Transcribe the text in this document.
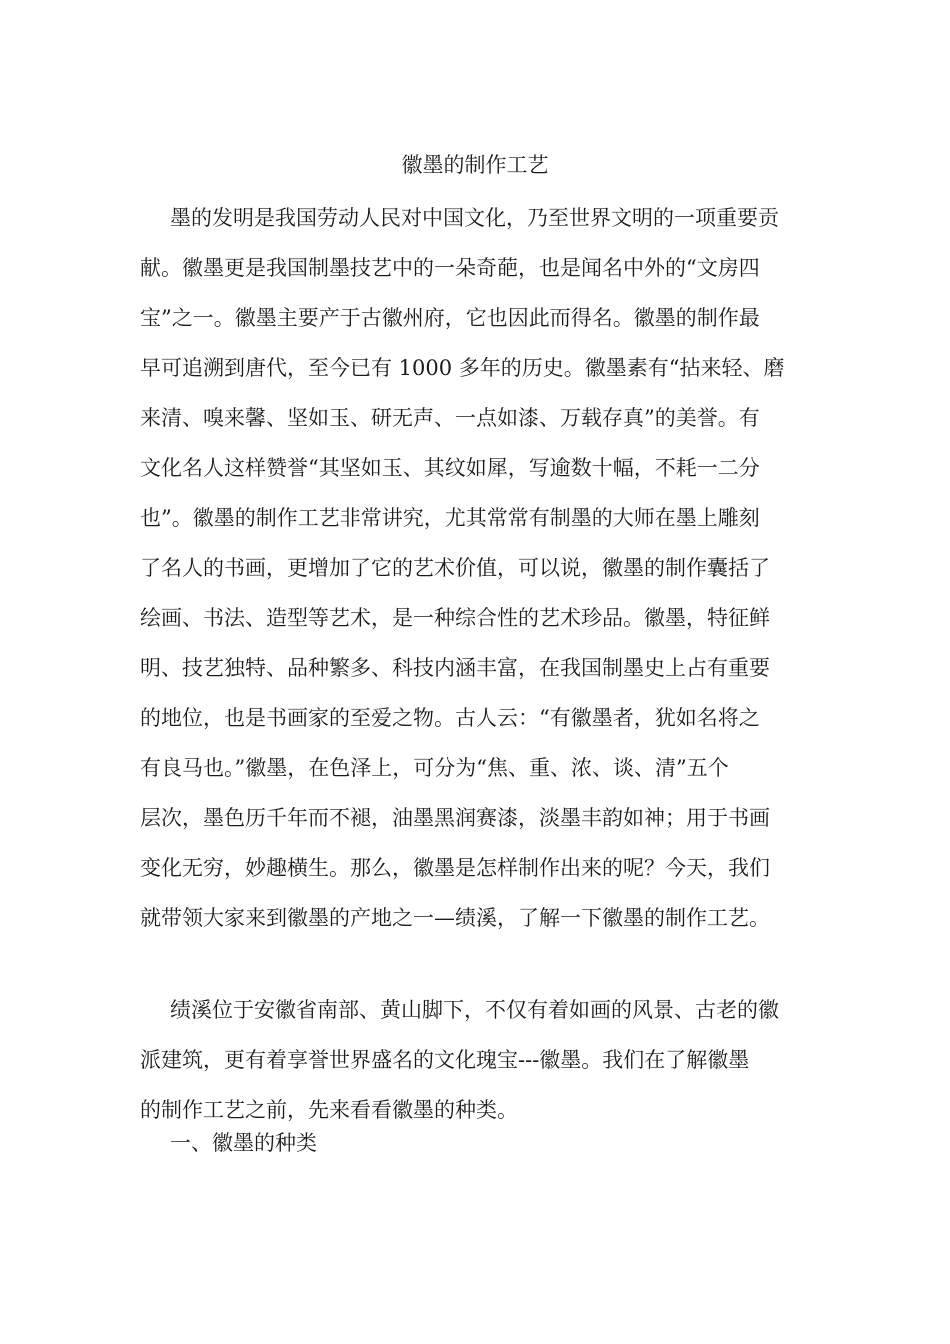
徽墨的制作工艺
墨的发明是我国劳动人民对中国文化，乃至世界文明的一项重要贡
献。徽墨更是我国制墨技艺中的一朵奇葩，也是闻名中外的“文房四
宝”之一。徽墨主要产于古徽州府，它也因此而得名。徽墨的制作最
早可追溯到唐代，至今已有 1000 多年的历史。徽墨素有“拈来轻、磨
来清、嗅来馨、坚如玉、研无声、一点如漆、万载存真”的美誉。有
文化名人这样赞誉“其坚如玉、其纹如犀，写逾数十幅，不耗一二分
也”。徽墨的制作工艺非常讲究，尤其常常有制墨的大师在墨上雕刻
了名人的书画，更增加了它的艺术价值，可以说，徽墨的制作囊括了
绘画、书法、造型等艺术，是一种综合性的艺术珍品。徽墨，特征鲜
明、技艺独特、品种繁多、科技内涵丰富，在我国制墨史上占有重要
的地位，也是书画家的至爱之物。古人云：“有徽墨者，犹如名将之
有良马也。”徽墨，在色泽上，可分为“焦、重、浓、谈、清”五个
层次，墨色历千年而不褪，油墨黑润赛漆，淡墨丰韵如神；用于书画
变化无穷，妙趣横生。那么，徽墨是怎样制作出来的呢？今天，我们
就带领大家来到徽墨的产地之一—绩溪，了解一下徽墨的制作工艺。
绩溪位于安徽省南部、黄山脚下，不仅有着如画的风景、古老的徽
派建筑，更有着享誉世界盛名的文化瑰宝---徽墨。我们在了解徽墨
的制作工艺之前，先来看看徽墨的种类。
一、徽墨的种类
